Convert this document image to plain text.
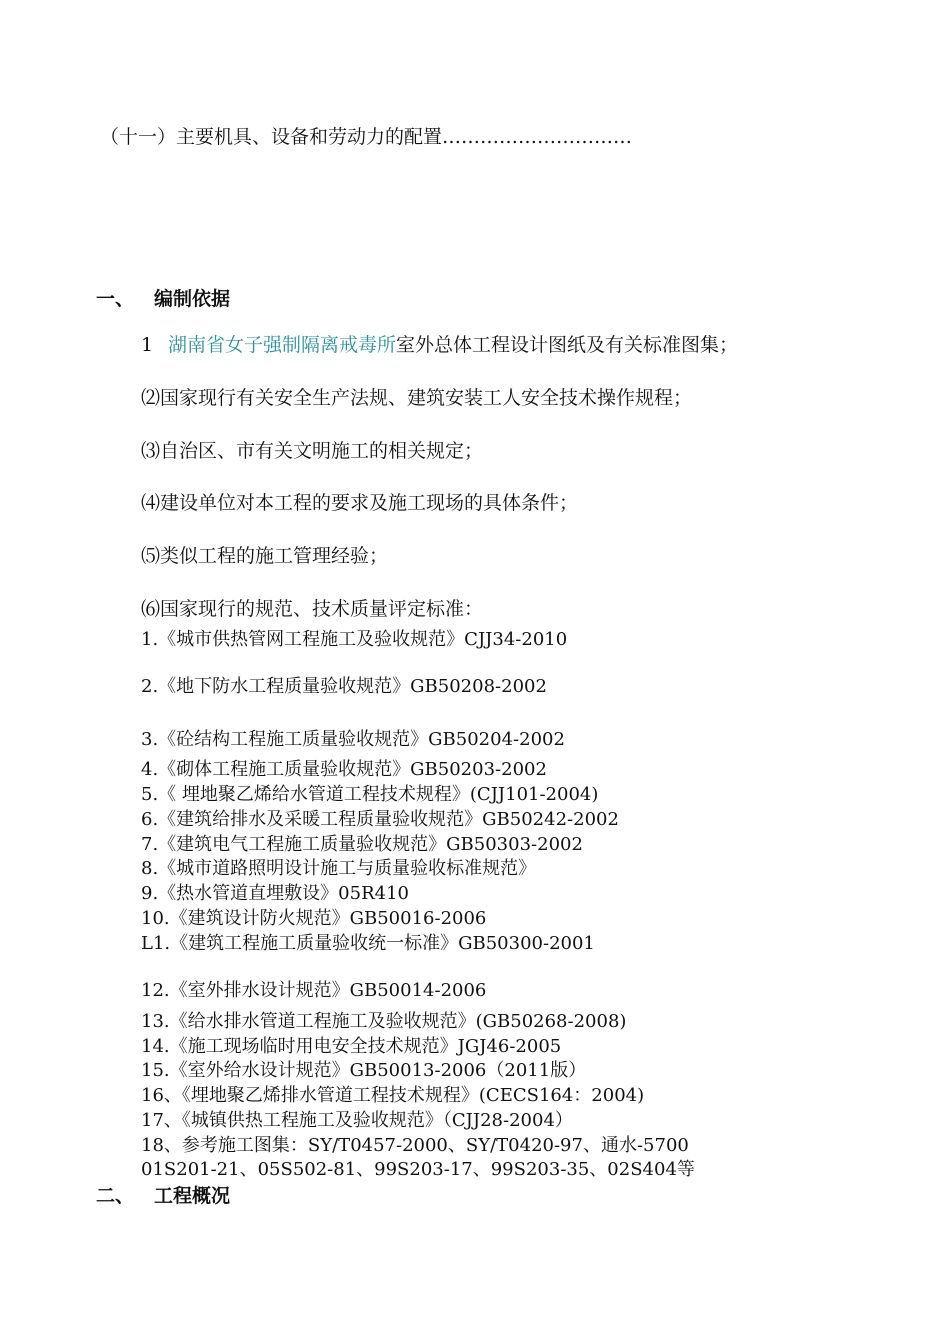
（十一）主要机具、设备和劳动力的配置…………………………
一、 编制依据
1 湖南省女子强制隔离戒毒所室外总体工程设计图纸及有关标准图集；
⑵国家现行有关安全生产法规、建筑安装工人安全技术操作规程；
⑶自治区、市有关文明施工的相关规定；
⑷建设单位对本工程的要求及施工现场的具体条件；
⑸类似工程的施工管理经验；
⑹国家现行的规范、技术质量评定标准：
1.《城市供热管网工程施工及验收规范》CJJ34-2010
2.《地下防水工程质量验收规范》GB50208-2002
3.《砼结构工程施工质量验收规范》GB50204-2002
4.《砌体工程施工质量验收规范》GB50203-2002
5.《 埋地聚乙烯给水管道工程技术规程》(CJJ101-2004)
6.《建筑给排水及采暖工程质量验收规范》GB50242-2002
7.《建筑电气工程施工质量验收规范》GB50303-2002
8.《城市道路照明设计施工与质量验收标准规范》
9.《热水管道直埋敷设》05R410
10.《建筑设计防火规范》GB50016-2006
L1.《建筑工程施工质量验收统一标准》GB50300-2001
12.《室外排水设计规范》GB50014-2006
13.《给水排水管道工程施工及验收规范》(GB50268-2008)
14.《施工现场临时用电安全技术规范》JGJ46-2005
15.《室外给水设计规范》GB50013-2006（2011版）
16、《埋地聚乙烯排水管道工程技术规程》(CECS164：2004)
17、《城镇供热工程施工及验收规范》（CJJ28-2004）
18、参考施工图集：SY/T0457-2000、SY/T0420-97、通水-5700
01S201-21、05S502-81、99S203-17、99S203-35、02S404等
二、 工程概况
